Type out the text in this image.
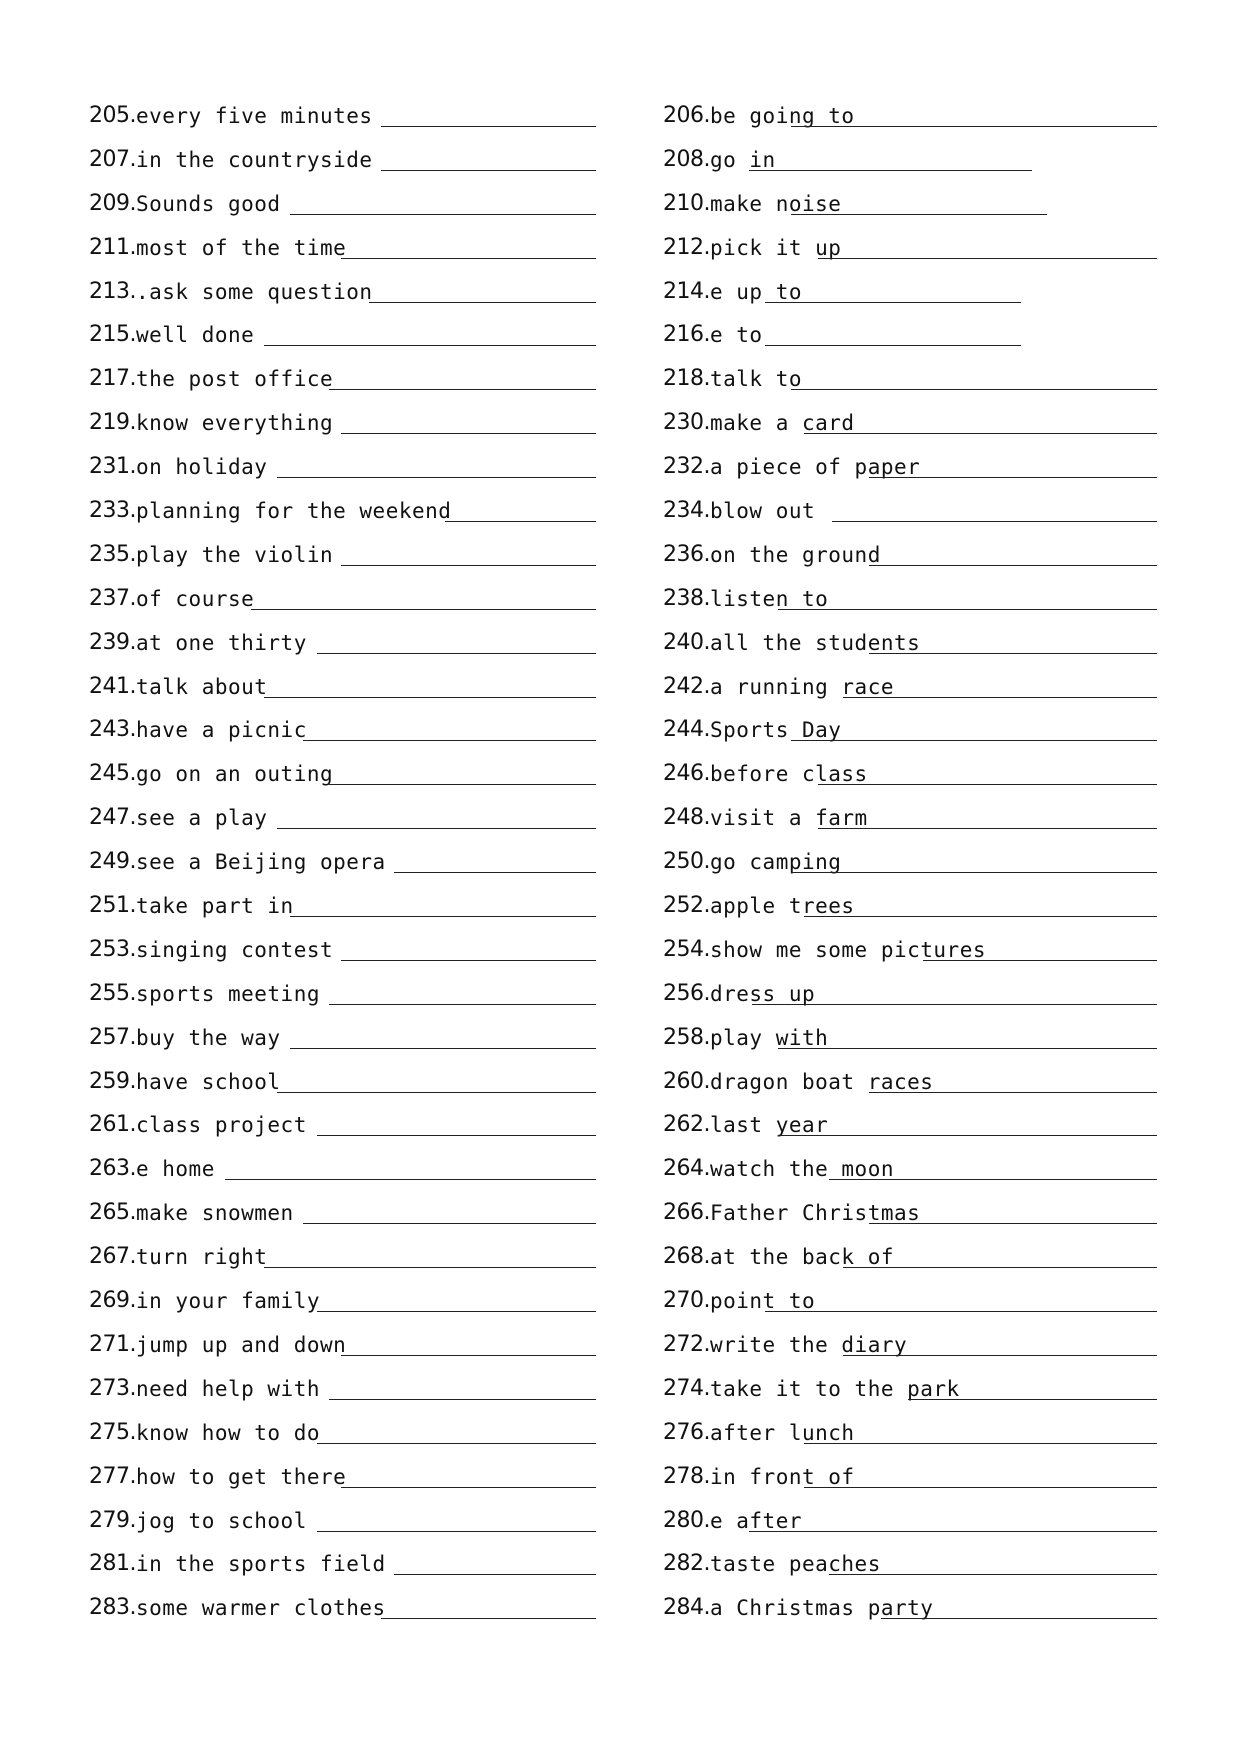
205. every five minutes
207. in the countryside
209. Sounds good
211. most of the time
213. .ask some question
215. well done
217. the post office
219. know everything
231. on holiday
233. planning for the weekend
235. play the violin
237. of course
239. at one thirty
241. talk about
243. have a picnic
245. go on an outing
247. see a play
249. see a Beijing opera
251. take part in
253. singing contest
255. sports meeting
257. buy the way
259. have school
261. class project
263. e home
265. make snowmen
267. turn right
269. in your family
271. jump up and down
273. need help with
275. know how to do
277. how to get there
279. jog to school
281. in the sports field
283. some warmer clothes
206. be going to
208. go in
210. make noise
212. pick it up
214. e up to
216. e to
218. talk to
230. make a card
232. a piece of paper
234. blow out
236. on the ground
238. listen to
240. all the students
242. a running race
244. Sports Day
246. before class
248. visit a farm
250. go camping
252. apple trees
254. show me some pictures
256. dress up
258. play with
260. dragon boat races
262. last year
264. watch the moon
266. Father Christmas
268. at the back of
270. point to
272. write the diary
274. take it to the park
276. after lunch
278. in front of
280. e after
282. taste peaches
284. a Christmas party
